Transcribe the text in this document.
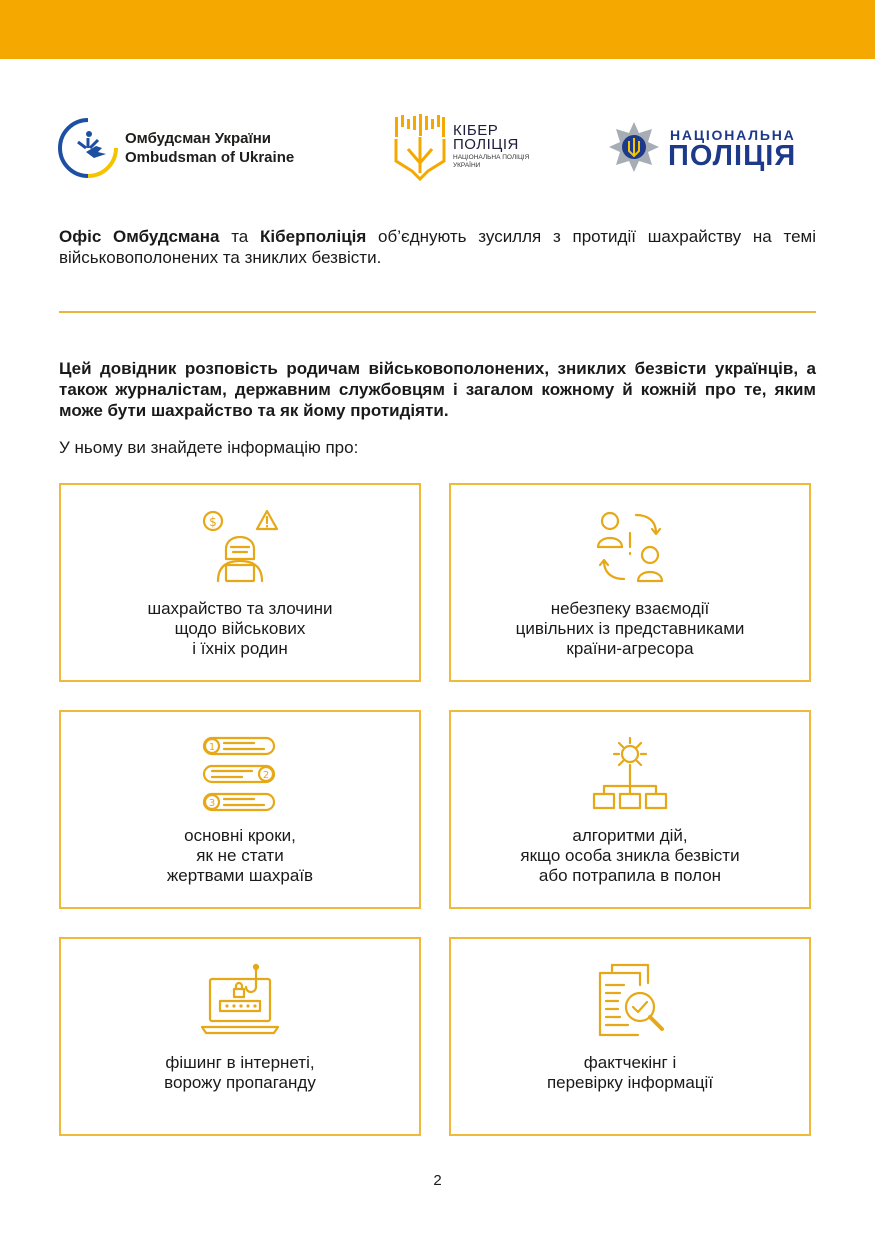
Омбудсман України
Ombudsman of Ukraine
КІБЕР
ПОЛІЦІЯ
НАЦІОНАЛЬНА ПОЛІЦІЯ УКРАЇНИ
НАЦІОНАЛЬНА
ПОЛІЦІЯ

Офіс Омбудсмана та Кіберполіція об’єднують зусилля з протидії шахрайству на темі військовополонених та зниклих безвісти.

Цей довідник розповість родичам військовополонених, зниклих безвісти українців, а також журналістам, державним службовцям і загалом кожному й кожній про те, яким може бути шахрайство та як йому протидіяти.

У ньому ви знайдете інформацію про:

$
шахрайство та злочини
щодо військових
і їхніх родин
небезпеку взаємодії
цивільних із представниками
країни-агресора
1
2
3
основні кроки,
як не стати
жертвами шахраїв
алгоритми дій,
якщо особа зникла безвісти
або потрапила в полон
фішинг в інтернеті,
ворожу пропаганду
фактчекінг і
перевірку інформації
2
